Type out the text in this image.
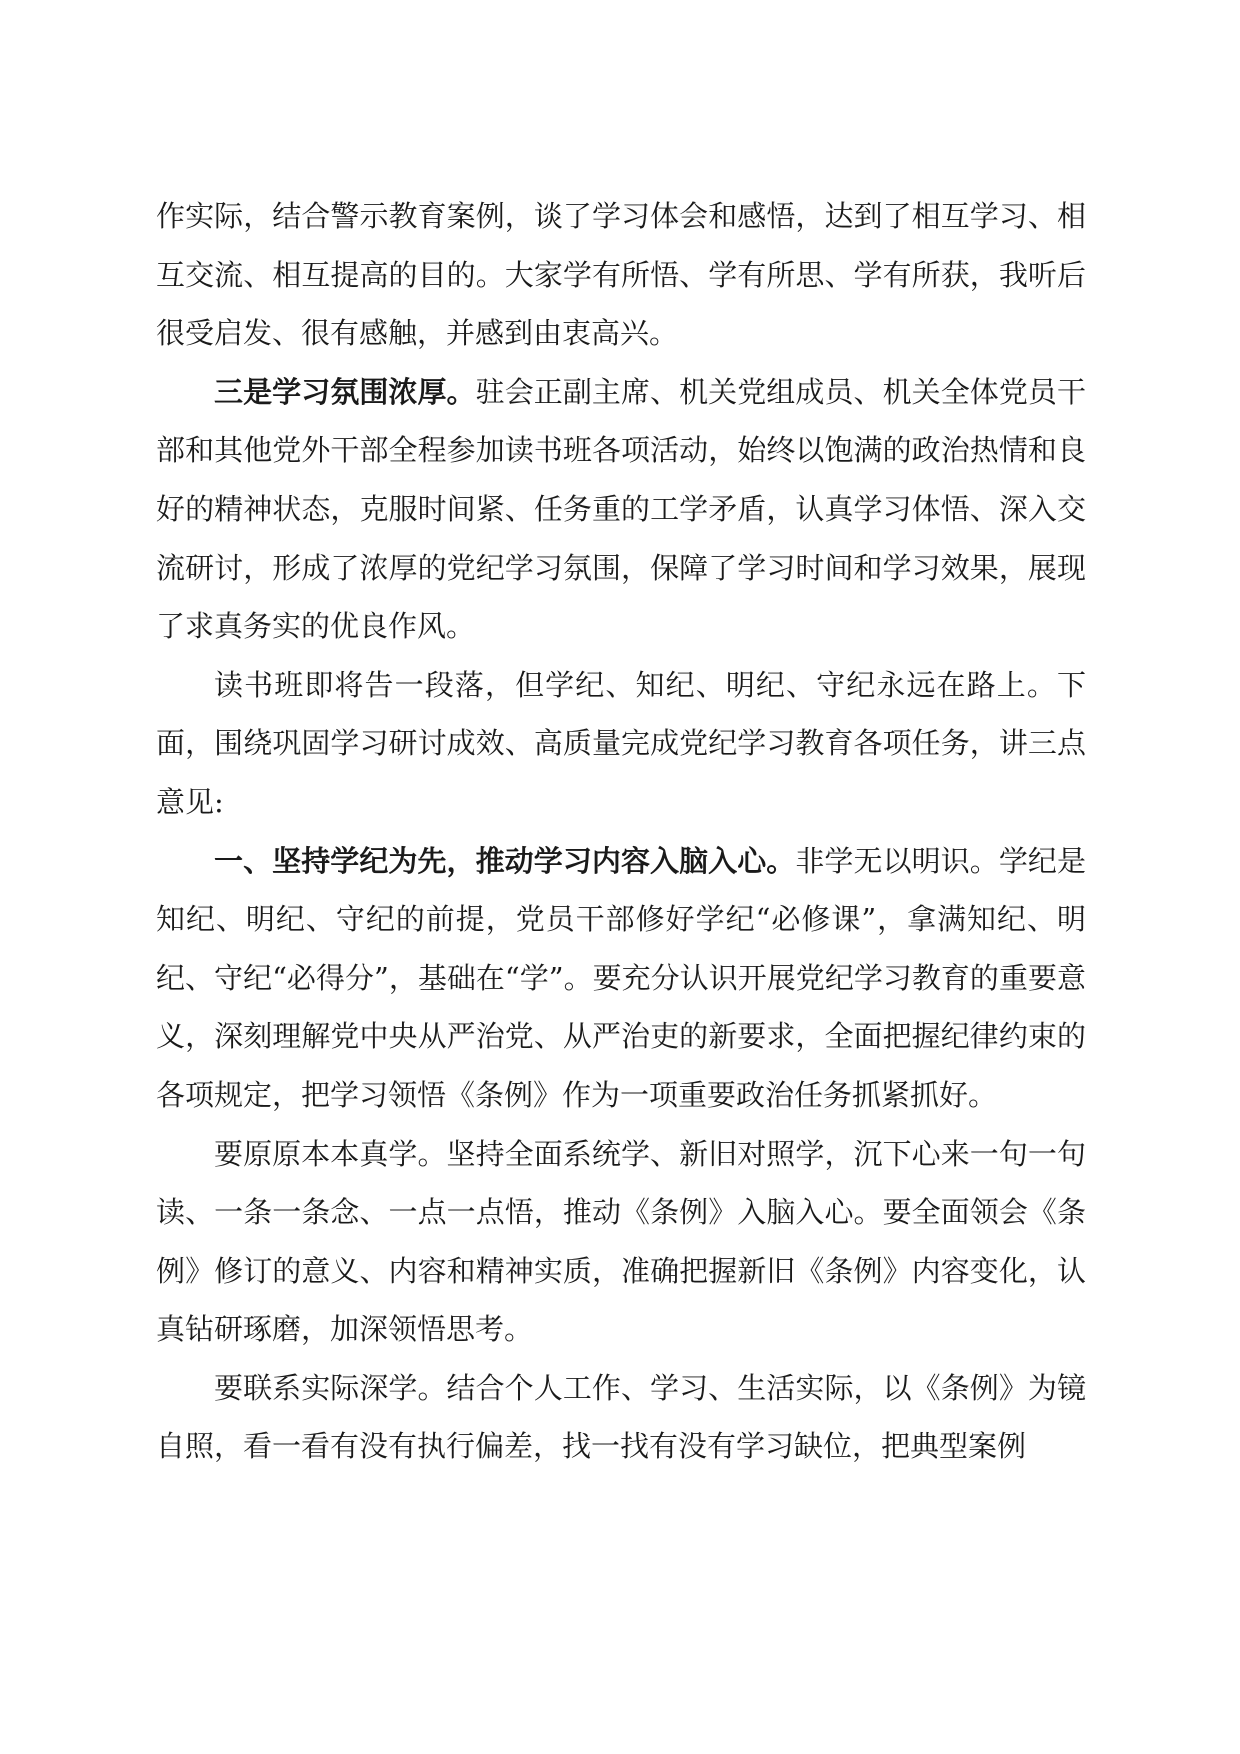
作实际，结合警示教育案例，谈了学习体会和感悟，达到了相互学习、相互交流、相互提高的目的。大家学有所悟、学有所思、学有所获，我听后很受启发、很有感触，并感到由衷高兴。

三是学习氛围浓厚。驻会正副主席、机关党组成员、机关全体党员干部和其他党外干部全程参加读书班各项活动，始终以饱满的政治热情和良好的精神状态，克服时间紧、任务重的工学矛盾，认真学习体悟、深入交流研讨，形成了浓厚的党纪学习氛围，保障了学习时间和学习效果，展现了求真务实的优良作风。

读书班即将告一段落，但学纪、知纪、明纪、守纪永远在路上。下面，围绕巩固学习研讨成效、高质量完成党纪学习教育各项任务，讲三点意见:

一、坚持学纪为先，推动学习内容入脑入心。非学无以明识。学纪是知纪、明纪、守纪的前提，党员干部修好学纪“必修课”，拿满知纪、明纪、守纪“必得分”，基础在“学”。要充分认识开展党纪学习教育的重要意义，深刻理解党中央从严治党、从严治吏的新要求，全面把握纪律约束的各项规定，把学习领悟《条例》作为一项重要政治任务抓紧抓好。

要原原本本真学。坚持全面系统学、新旧对照学，沉下心来一句一句读、一条一条念、一点一点悟，推动《条例》入脑入心。要全面领会《条例》修订的意义、内容和精神实质，准确把握新旧《条例》内容变化，认真钻研琢磨，加深领悟思考。

要联系实际深学。结合个人工作、学习、生活实际，以《条例》为镜自照，看一看有没有执行偏差，找一找有没有学习缺位，把典型案例
